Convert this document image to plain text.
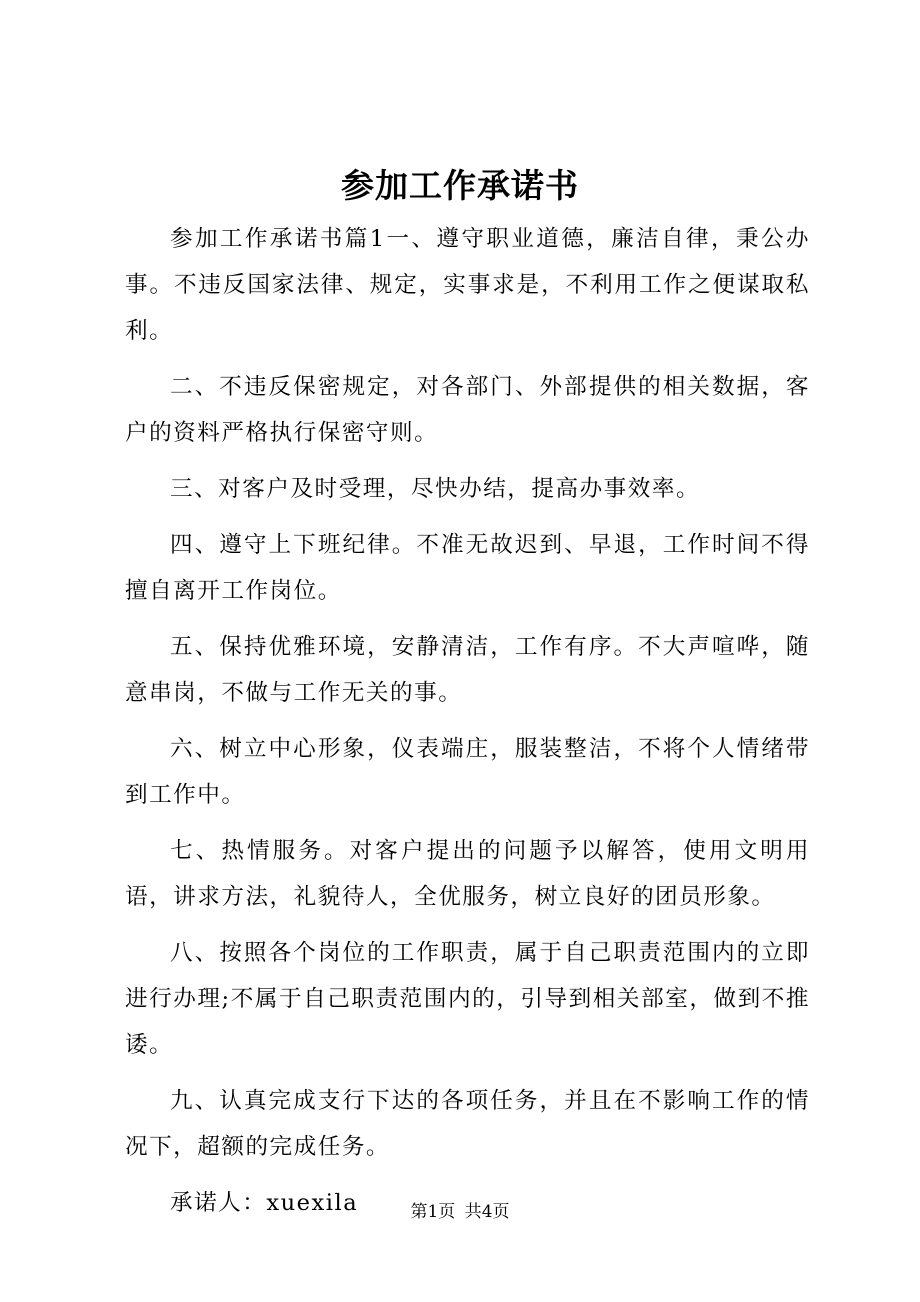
参加工作承诺书

参加工作承诺书篇1一、遵守职业道德，廉洁自律，秉公办事。不违反国家法律、规定，实事求是，不利用工作之便谋取私利。

二、不违反保密规定，对各部门、外部提供的相关数据，客户的资料严格执行保密守则。

三、对客户及时受理，尽快办结，提高办事效率。

四、遵守上下班纪律。不准无故迟到、早退，工作时间不得擅自离开工作岗位。

五、保持优雅环境，安静清洁，工作有序。不大声喧哗，随意串岗，不做与工作无关的事。

六、树立中心形象，仪表端庄，服装整洁，不将个人情绪带到工作中。

七、热情服务。对客户提出的问题予以解答，使用文明用语，讲求方法，礼貌待人，全优服务，树立良好的团员形象。

八、按照各个岗位的工作职责，属于自己职责范围内的立即进行办理;不属于自己职责范围内的，引导到相关部室，做到不推诿。

九、认真完成支行下达的各项任务，并且在不影响工作的情况下，超额的完成任务。

承诺人：xuexila	第1页 共4页
